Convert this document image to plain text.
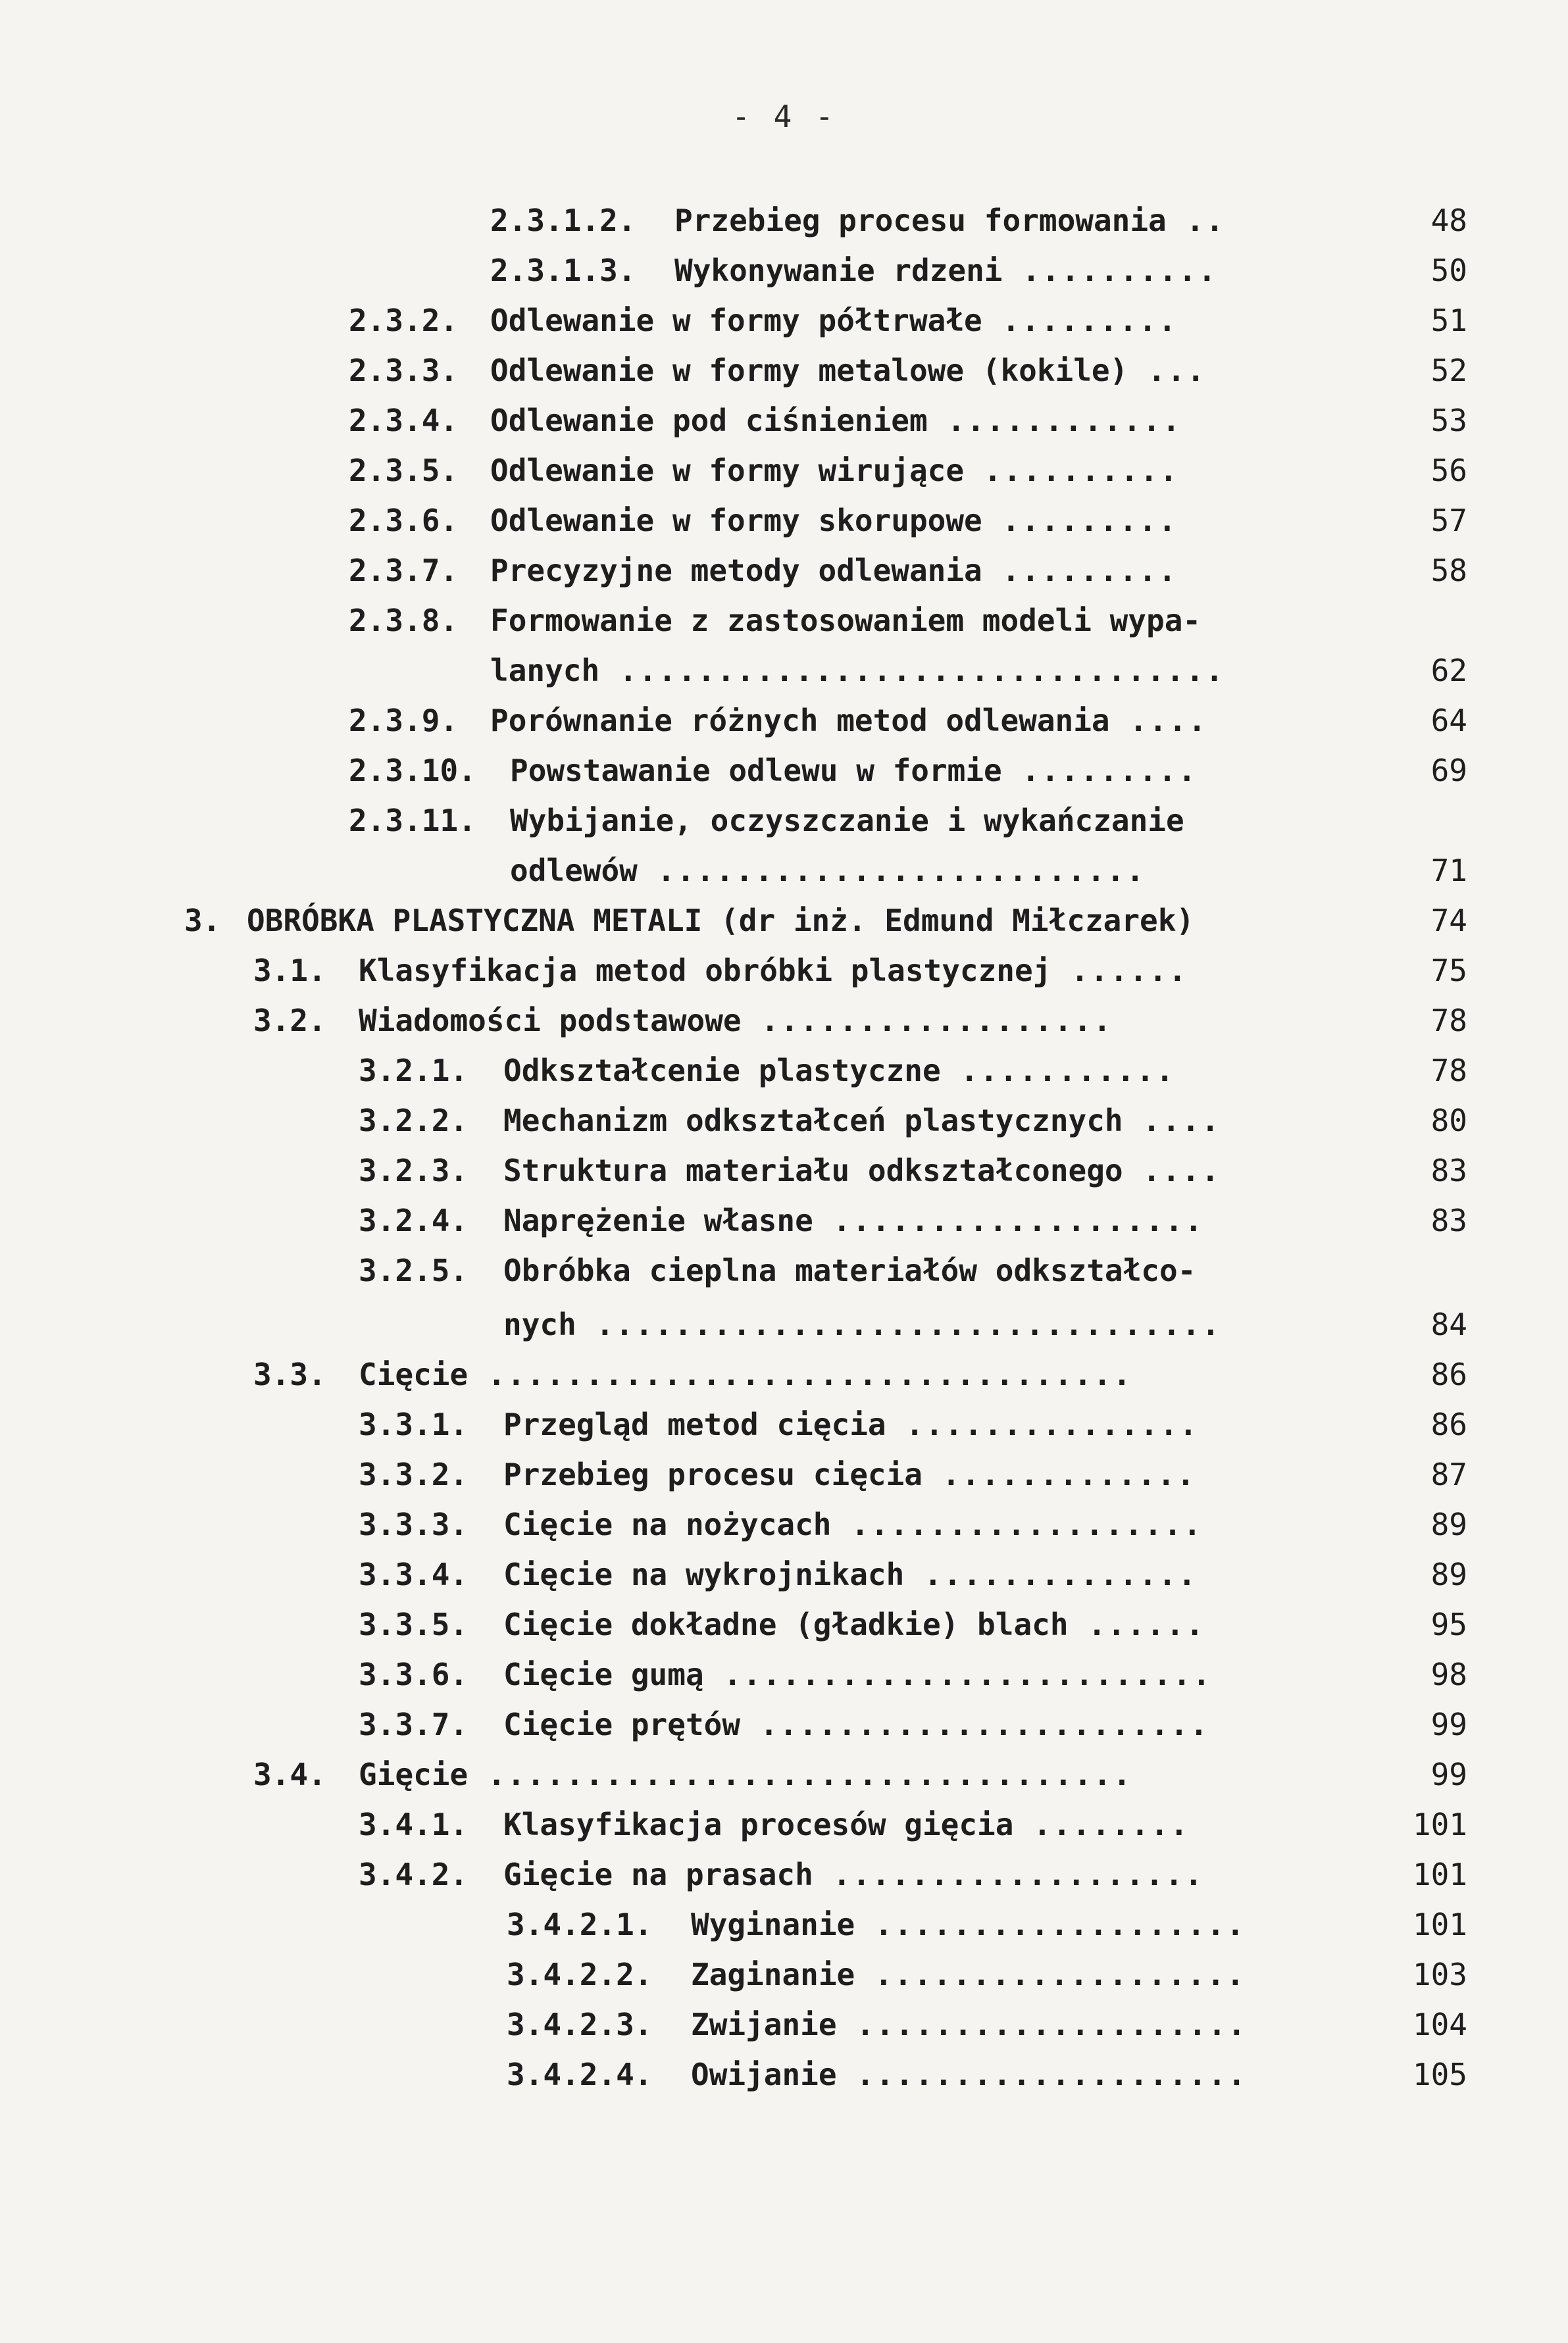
- 4 -
2.3.1.2. Przebieg procesu formowania ..	48
2.3.1.3. Wykonywanie rdzeni ..........	50
2.3.2. Odlewanie w formy półtrwałe .........	51
2.3.3. Odlewanie w formy metalowe (kokile) ...	52
2.3.4. Odlewanie pod ciśnieniem ............	53
2.3.5. Odlewanie w formy wirujące ..........	56
2.3.6. Odlewanie w formy skorupowe .........	57
2.3.7. Precyzyjne metody odlewania .........	58
2.3.8. Formowanie z zastosowaniem modeli wypa-
lanych ...............................	62
2.3.9. Porównanie różnych metod odlewania ....	64
2.3.10. Powstawanie odlewu w formie .........	69
2.3.11. Wybijanie, oczyszczanie i wykańczanie
odlewów .........................	71
3. OBRÓBKA PLASTYCZNA METALI (dr inż. Edmund Miłczarek)	74
3.1. Klasyfikacja metod obróbki plastycznej ......	75
3.2. Wiadomości podstawowe ..................	78
3.2.1. Odkształcenie plastyczne ...........	78
3.2.2. Mechanizm odkształceń plastycznych ....	80
3.2.3. Struktura materiału odkształconego ....	83
3.2.4. Naprężenie własne ...................	83
3.2.5. Obróbka cieplna materiałów odkształco-
nych ................................	84
3.3. Cięcie .................................	86
3.3.1. Przegląd metod cięcia ...............	86
3.3.2. Przebieg procesu cięcia .............	87
3.3.3. Cięcie na nożycach ..................	89
3.3.4. Cięcie na wykrojnikach ..............	89
3.3.5. Cięcie dokładne (gładkie) blach ......	95
3.3.6. Cięcie gumą .........................	98
3.3.7. Cięcie prętów .......................	99
3.4. Gięcie .................................	99
3.4.1. Klasyfikacja procesów gięcia ........	101
3.4.2. Gięcie na prasach ...................	101
3.4.2.1. Wyginanie ...................	101
3.4.2.2. Zaginanie ...................	103
3.4.2.3. Zwijanie ....................	104
3.4.2.4. Owijanie ....................	105
